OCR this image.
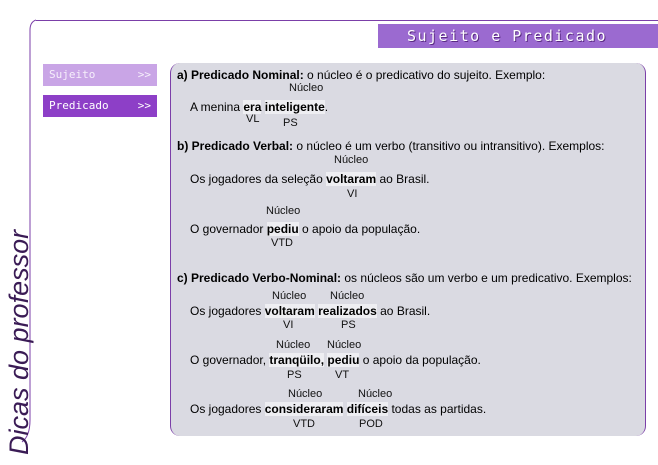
Sujeito e Predicado
Dicas do professor
Sujeito	>>
Predicado	>>
a) Predicado Nominal: o núcleo é o predicativo do sujeito. Exemplo:
Núcleo
A menina era inteligente.
VL PS
b) Predicado Verbal: o núcleo é um verbo (transitivo ou intransitivo). Exemplos:
Núcleo
Os jogadores da seleção voltaram ao Brasil.
VI
Núcleo
O governador pediu o apoio da população.
VTD
c) Predicado Verbo-Nominal: os núcleos são um verbo e um predicativo. Exemplos:
Núcleo Núcleo
Os jogadores voltaram realizados ao Brasil.
VI	PS
Núcleo Núcleo
O governador, tranqüilo, pediu o apoio da população.
PS	VT
Núcleo	Núcleo
Os jogadores consideraram difíceis todas as partidas.
VTD	POD
